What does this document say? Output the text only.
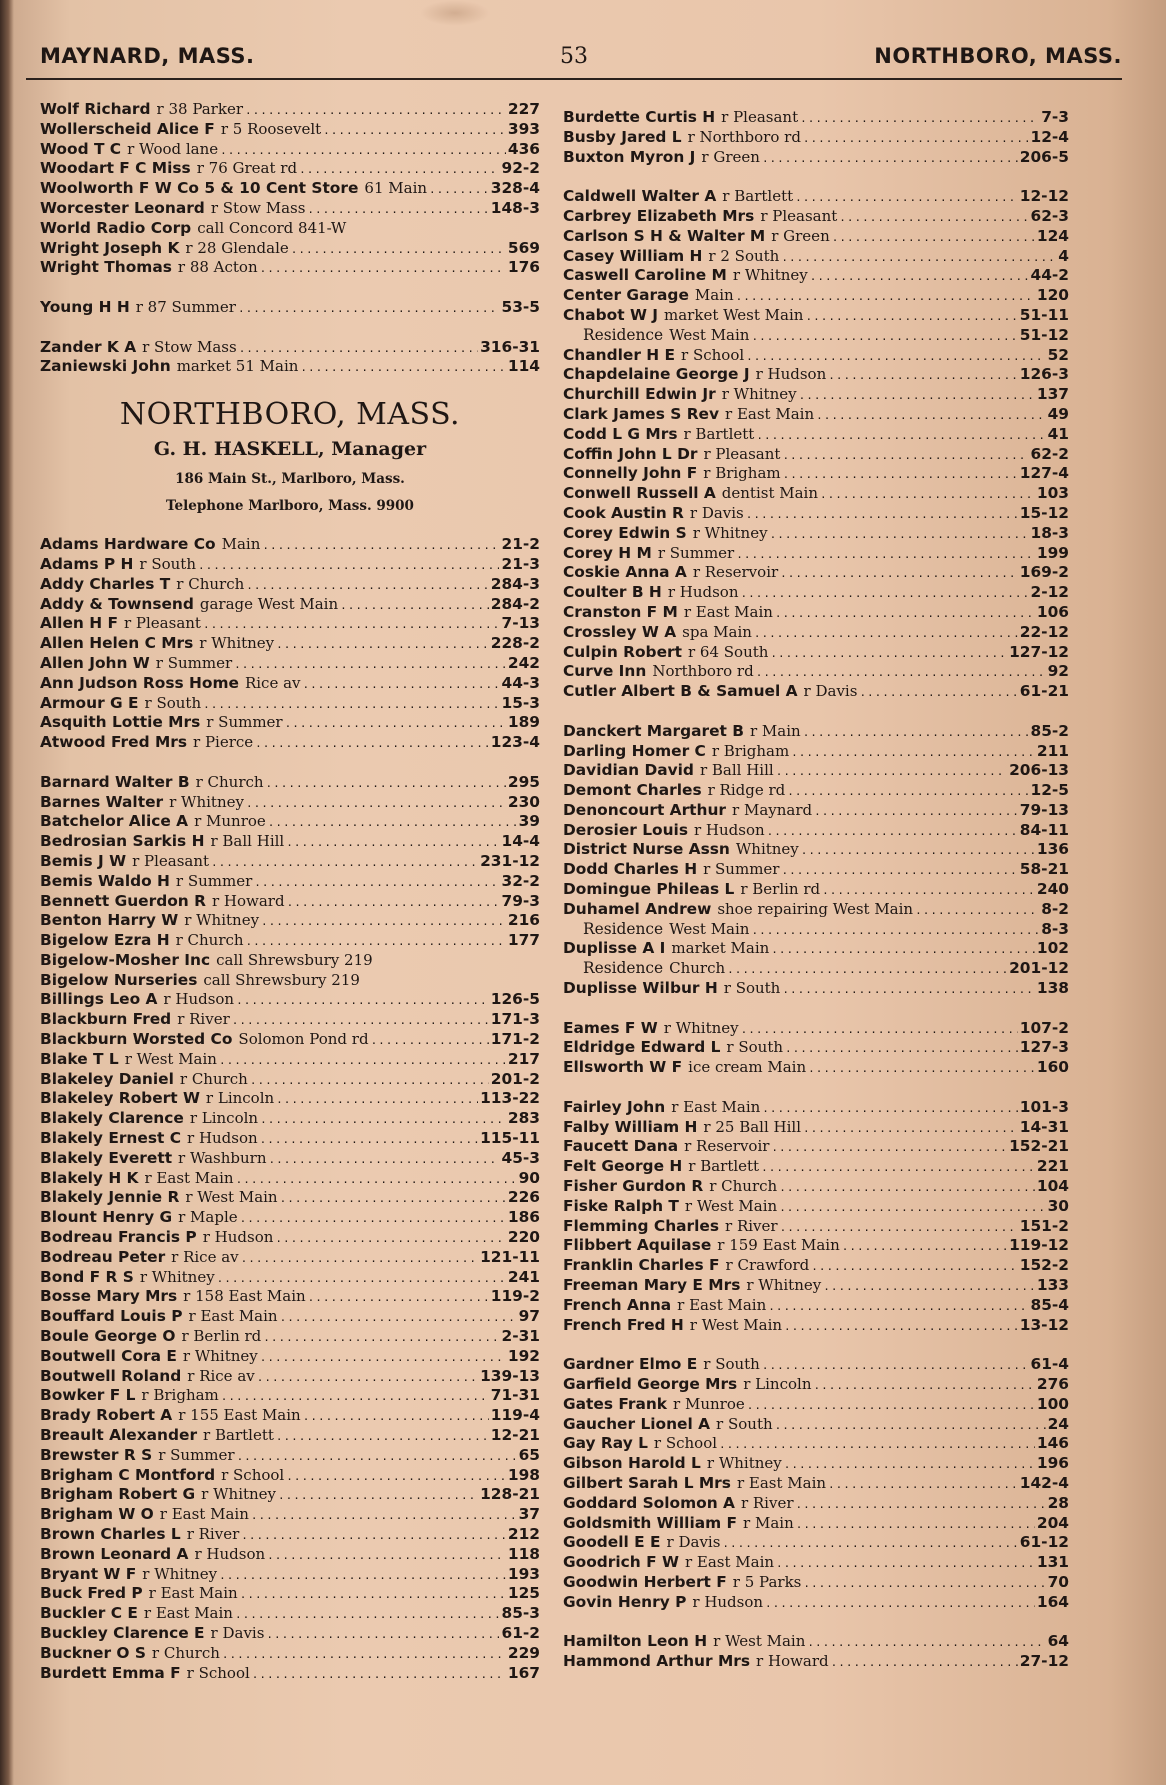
MAYNARD, MASS.	53	NORTHBORO, MASS.
Wolf Richard r 38 Parker .....	227
Wollerscheid Alice F r 5 Roosevelt .....	393
Wood T C r Wood lane .....	436
Woodart F C Miss r 76 Great rd .....	92-2
Woolworth F W Co 5 & 10 Cent Store 61 Main .....	328-4
Worcester Leonard r Stow Mass .....	148-3
World Radio Corp call Concord 841-W
Wright Joseph K r 28 Glendale .....	569
Wright Thomas r 88 Acton .....	176
Young H H r 87 Summer .....	53-5
Zander K A r Stow Mass .....	316-31
Zaniewski John market 51 Main .....	114
NORTHBORO, MASS.
G. H. HASKELL, Manager
186 Main St., Marlboro, Mass.
Telephone Marlboro, Mass. 9900
Adams Hardware Co Main .....	21-2
Adams P H r South .....	21-3
Addy Charles T r Church .....	284-3
Addy & Townsend garage West Main .....	284-2
Allen H F r Pleasant .....	7-13
Allen Helen C Mrs r Whitney .....	228-2
Allen John W r Summer .....	242
Ann Judson Ross Home Rice av .....	44-3
Armour G E r South .....	15-3
Asquith Lottie Mrs r Summer .....	189
Atwood Fred Mrs r Pierce .....	123-4
Barnard Walter B r Church .....	295
Barnes Walter r Whitney .....	230
Batchelor Alice A r Munroe .....	39
Bedrosian Sarkis H r Ball Hill .....	14-4
Bemis J W r Pleasant .....	231-12
Bemis Waldo H r Summer .....	32-2
Bennett Guerdon R r Howard .....	79-3
Benton Harry W r Whitney .....	216
Bigelow Ezra H r Church .....	177
Bigelow-Mosher Inc call Shrewsbury 219
Bigelow Nurseries call Shrewsbury 219
Billings Leo A r Hudson .....	126-5
Blackburn Fred r River .....	171-3
Blackburn Worsted Co Solomon Pond rd .....	171-2
Blake T L r West Main .....	217
Blakeley Daniel r Church .....	201-2
Blakeley Robert W r Lincoln .....	113-22
Blakely Clarence r Lincoln .....	283
Blakely Ernest C r Hudson .....	115-11
Blakely Everett r Washburn .....	45-3
Blakely H K r East Main .....	90
Blakely Jennie R r West Main .....	226
Blount Henry G r Maple .....	186
Bodreau Francis P r Hudson .....	220
Bodreau Peter r Rice av .....	121-11
Bond F R S r Whitney .....	241
Bosse Mary Mrs r 158 East Main .....	119-2
Bouffard Louis P r East Main .....	97
Boule George O r Berlin rd .....	2-31
Boutwell Cora E r Whitney .....	192
Boutwell Roland r Rice av .....	139-13
Bowker F L r Brigham .....	71-31
Brady Robert A r 155 East Main .....	119-4
Breault Alexander r Bartlett .....	12-21
Brewster R S r Summer .....	65
Brigham C Montford r School .....	198
Brigham Robert G r Whitney .....	128-21
Brigham W O r East Main .....	37
Brown Charles L r River .....	212
Brown Leonard A r Hudson .....	118
Bryant W F r Whitney .....	193
Buck Fred P r East Main .....	125
Buckler C E r East Main .....	85-3
Buckley Clarence E r Davis .....	61-2
Buckner O S r Church .....	229
Burdett Emma F r School .....	167
Burdette Curtis H r Pleasant .....	7-3
Busby Jared L r Northboro rd .....	12-4
Buxton Myron J r Green .....	206-5
Caldwell Walter A r Bartlett .....	12-12
Carbrey Elizabeth Mrs r Pleasant .....	62-3
Carlson S H & Walter M r Green .....	124
Casey William H r 2 South .....	4
Caswell Caroline M r Whitney .....	44-2
Center Garage Main .....	120
Chabot W J market West Main .....	51-11
Residence West Main .....	51-12
Chandler H E r School .....	52
Chapdelaine George J r Hudson .....	126-3
Churchill Edwin Jr r Whitney .....	137
Clark James S Rev r East Main .....	49
Codd L G Mrs r Bartlett .....	41
Coffin John L Dr r Pleasant .....	62-2
Connelly John F r Brigham .....	127-4
Conwell Russell A dentist Main .....	103
Cook Austin R r Davis .....	15-12
Corey Edwin S r Whitney .....	18-3
Corey H M r Summer .....	199
Coskie Anna A r Reservoir .....	169-2
Coulter B H r Hudson .....	2-12
Cranston F M r East Main .....	106
Crossley W A spa Main .....	22-12
Culpin Robert r 64 South .....	127-12
Curve Inn Northboro rd .....	92
Cutler Albert B & Samuel A r Davis .....	61-21
Danckert Margaret B r Main .....	85-2
Darling Homer C r Brigham .....	211
Davidian David r Ball Hill .....	206-13
Demont Charles r Ridge rd .....	12-5
Denoncourt Arthur r Maynard .....	79-13
Derosier Louis r Hudson .....	84-11
District Nurse Assn Whitney .....	136
Dodd Charles H r Summer .....	58-21
Domingue Phileas L r Berlin rd .....	240
Duhamel Andrew shoe repairing West Main .....	8-2
Residence West Main .....	8-3
Duplisse A I market Main .....	102
Residence Church .....	201-12
Duplisse Wilbur H r South .....	138
Eames F W r Whitney .....	107-2
Eldridge Edward L r South .....	127-3
Ellsworth W F ice cream Main .....	160
Fairley John r East Main .....	101-3
Falby William H r 25 Ball Hill .....	14-31
Faucett Dana r Reservoir .....	152-21
Felt George H r Bartlett .....	221
Fisher Gurdon R r Church .....	104
Fiske Ralph T r West Main .....	30
Flemming Charles r River .....	151-2
Flibbert Aquilase r 159 East Main .....	119-12
Franklin Charles F r Crawford .....	152-2
Freeman Mary E Mrs r Whitney .....	133
French Anna r East Main .....	85-4
French Fred H r West Main .....	13-12
Gardner Elmo E r South .....	61-4
Garfield George Mrs r Lincoln .....	276
Gates Frank r Munroe .....	100
Gaucher Lionel A r South .....	24
Gay Ray L r School .....	146
Gibson Harold L r Whitney .....	196
Gilbert Sarah L Mrs r East Main .....	142-4
Goddard Solomon A r River .....	28
Goldsmith William F r Main .....	204
Goodell E E r Davis .....	61-12
Goodrich F W r East Main .....	131
Goodwin Herbert F r 5 Parks .....	70
Govin Henry P r Hudson .....	164
Hamilton Leon H r West Main .....	64
Hammond Arthur Mrs r Howard .....	27-12
